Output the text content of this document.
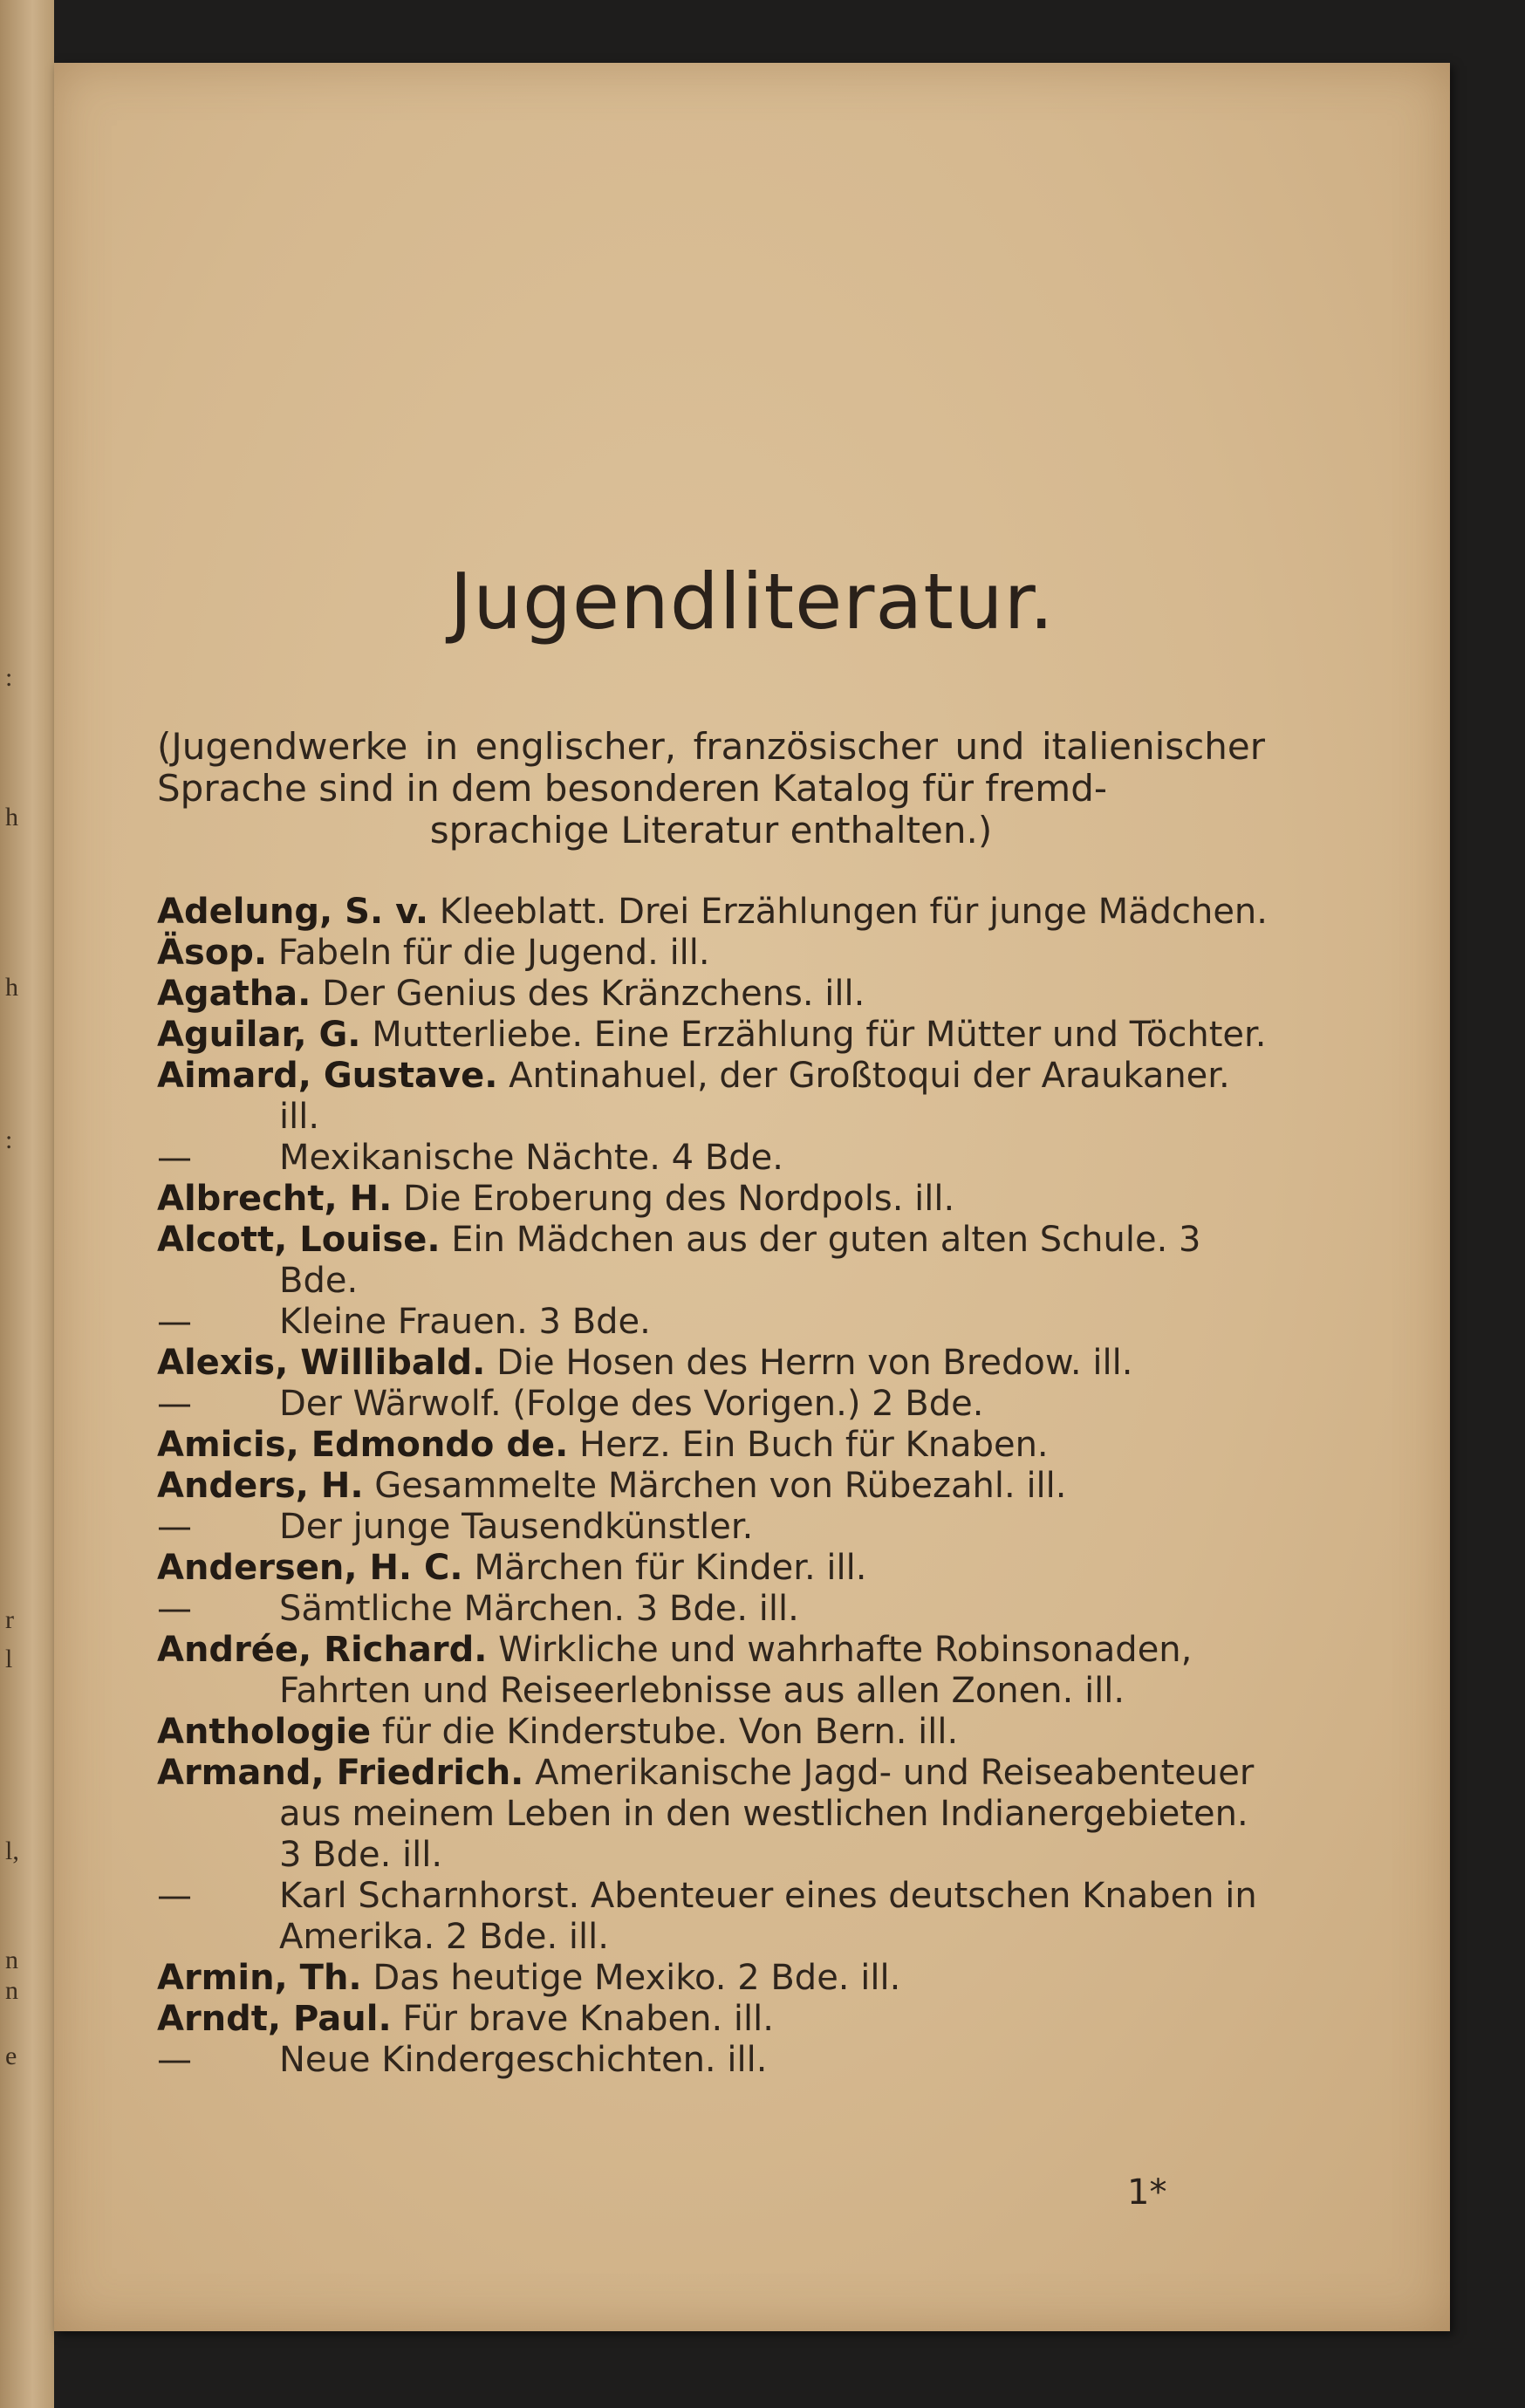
:
h
h
:
r
l
l,
n
n
e
Jugendliteratur.
(Jugendwerke in englischer, französischer und italienischer Sprache sind in dem besonderen Katalog für fremd-
sprachige Literatur enthalten.)
Adelung, S. v. Kleeblatt. Drei Erzählungen für junge Mädchen.
Äsop. Fabeln für die Jugend. ill.
Agatha. Der Genius des Kränzchens. ill.
Aguilar, G. Mutterliebe. Eine Erzählung für Mütter und Töchter.
Aimard, Gustave. Antinahuel, der Großtoqui der Araukaner. ill.
—	Mexikanische Nächte. 4 Bde.
Albrecht, H. Die Eroberung des Nordpols. ill.
Alcott, Louise. Ein Mädchen aus der guten alten Schule. 3 Bde.
—	Kleine Frauen. 3 Bde.
Alexis, Willibald. Die Hosen des Herrn von Bredow. ill.
—	Der Wärwolf. (Folge des Vorigen.) 2 Bde.
Amicis, Edmondo de. Herz. Ein Buch für Knaben.
Anders, H. Gesammelte Märchen von Rübezahl. ill.
—	Der junge Tausendkünstler.
Andersen, H. C. Märchen für Kinder. ill.
—	Sämtliche Märchen. 3 Bde. ill.
Andrée, Richard. Wirkliche und wahrhafte Robinsonaden, Fahrten und Reiseerlebnisse aus allen Zonen. ill.
Anthologie für die Kinderstube. Von Bern. ill.
Armand, Friedrich. Amerikanische Jagd- und Reiseabenteuer aus meinem Leben in den westlichen Indianergebieten. 3 Bde. ill.
—	Karl Scharnhorst. Abenteuer eines deutschen Knaben in Amerika. 2 Bde. ill.
Armin, Th. Das heutige Mexiko. 2 Bde. ill.
Arndt, Paul. Für brave Knaben. ill.
—	Neue Kindergeschichten. ill.
1*
